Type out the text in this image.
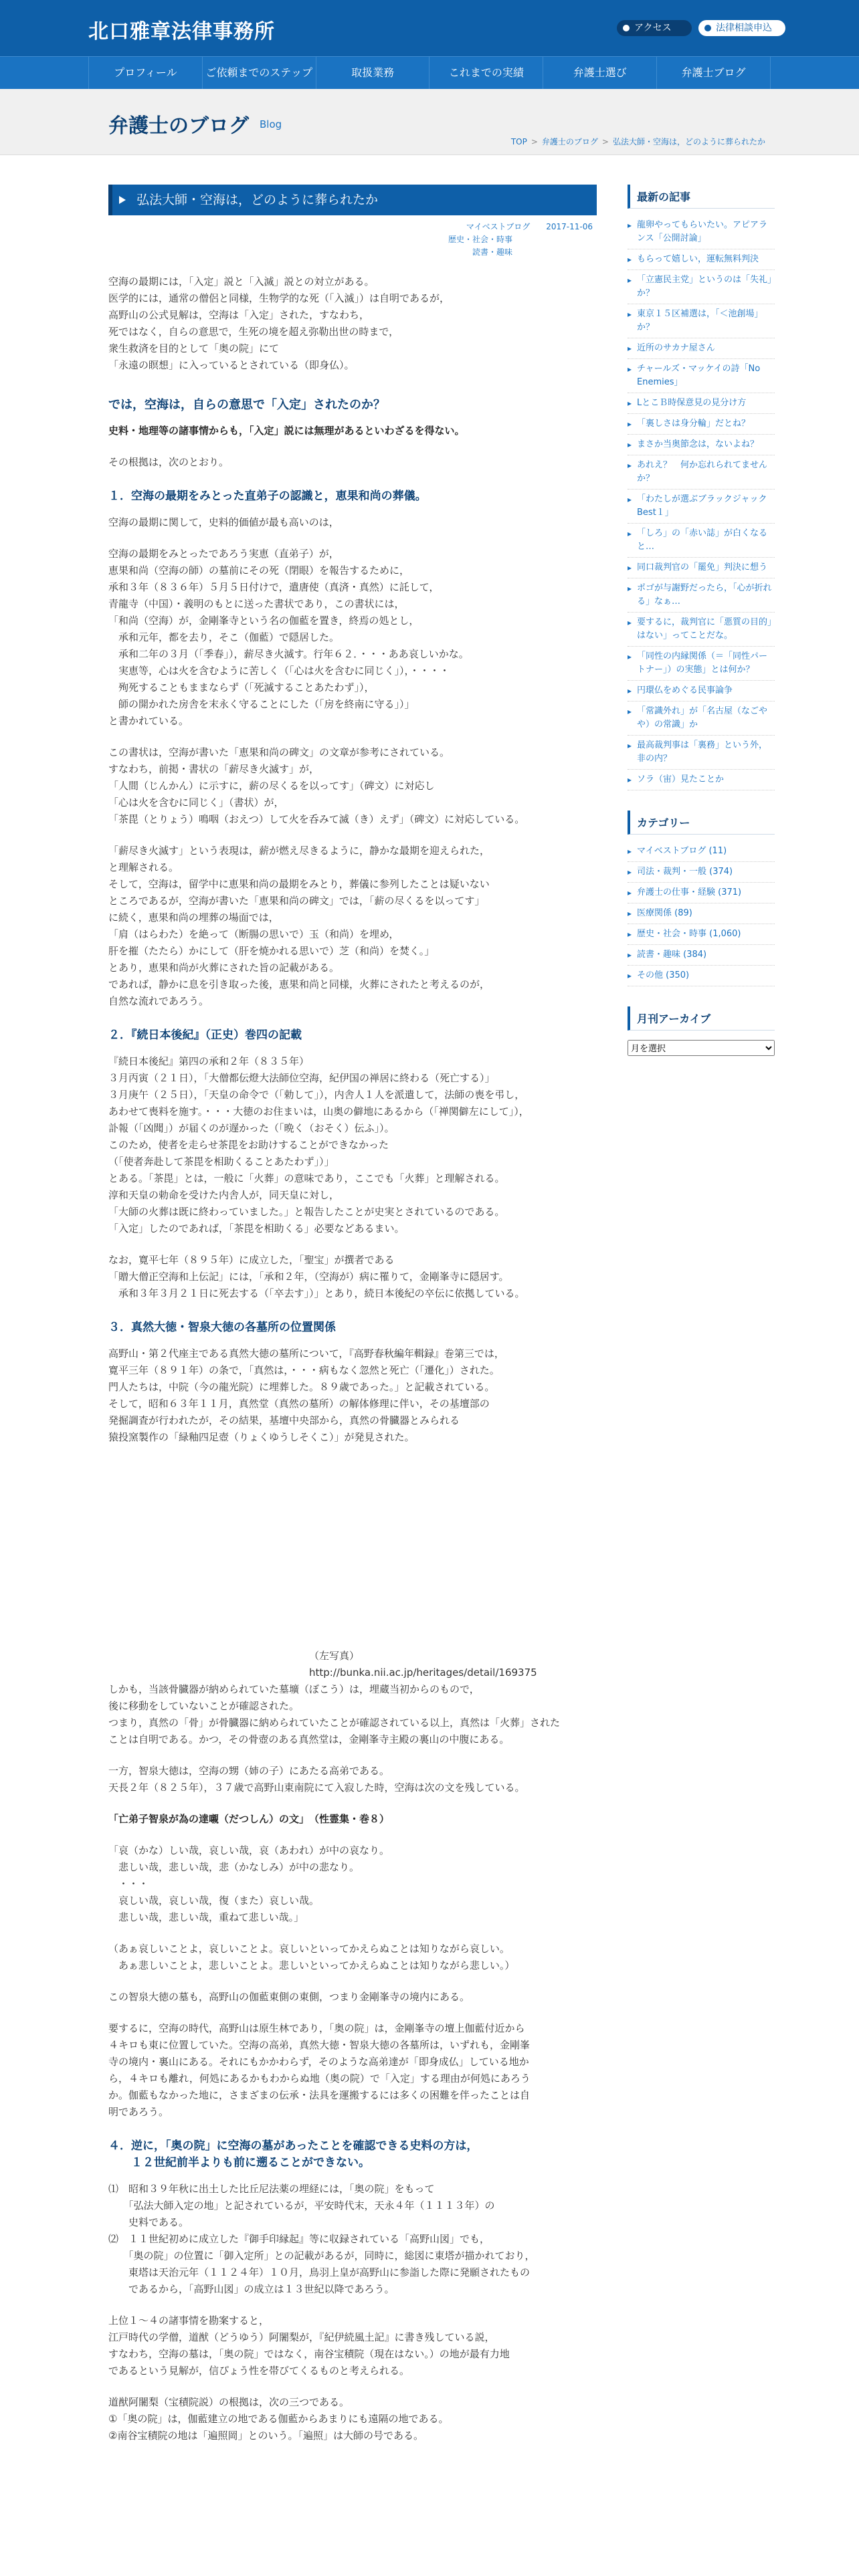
北口雅章法律事務所	アクセス	法律相談申込
プロフィール	ご依頼までのステップ	取扱業務	これまでの実績	弁護士選び	弁護士ブログ
弁護士のブログ Blog
TOP > 弁護士のブログ > 弘法大師・空海は，どのように葬られたか
弘法大師・空海は，どのように葬られたか
マイベストブログ　　2017-11-06
歴史・社会・時事
読書・趣味

空海の最期には，「入定」説と「入滅」説との対立がある。
医学的には，通常の僧侶と同様，生物学的な死（「入滅」）は自明であるが，
高野山の公式見解は，空海は「入定」された，すなわち，
死ではなく，自らの意思で，生死の境を超え弥勒出世の時まで，
衆生救済を目的として「奥の院」にて
「永遠の瞑想」に入っているとされている（即身仏）。

では，空海は，自らの意思で「入定」されたのか？

史料・地理等の諸事情からも，「入定」説には無理があるといわざるを得ない。

その根拠は，次のとおり。

１．空海の最期をみとった直弟子の認識と，恵果和尚の葬儀。

空海の最期に関して，史料的価値が最も高いのは，

空海の最期をみとったであろう実恵（直弟子）が，
恵果和尚（空海の師）の墓前にその死（閉眼）を報告するために，
承和３年（８３６年）５月５日付けで，遣唐使（真済・真然）に託して，
青龍寺（中国）・義明のもとに送った書状であり，この書状には，
「和尚（空海）が，金剛峯寺という名の伽藍を置き，終焉の処とし，
　承和元年，都を去り，そこ（伽藍）で隠居した。
　承和二年の３月（「季春」），薪尽き火滅す。行年６２．・・・ああ哀しいかな。
　実恵等，心は火を含むように苦しく（「心は火を含むに同じく」），・・・・
　殉死することもままならず（「死滅することあたわず」），
　師の開かれた房舎を末永く守ることにした（「房を終南に守る」）」
と書かれている。

この書状は，空海が書いた「恵果和尚の碑文」の文章が参考にされている。
すなわち，前掲・書状の「薪尽き火滅す」が，
「人間（じんかん）に示すに，薪の尽くるを以ってす」（碑文）に対応し
「心は火を含むに同じく」（書状）が，
「茶毘（とりょう）鳴咽（おえつ）して火を呑みて滅（き）えず」（碑文）に対応している。

「薪尽き火滅す」という表現は，薪が燃え尽きるように，静かな最期を迎えられた，
と理解される。
そして，空海は，留学中に恵果和尚の最期をみとり，葬儀に参列したことは疑いない
ところであるが，空海が書いた「恵果和尚の碑文」では，「薪の尽くるを以ってす」
に続く，恵果和尚の埋葬の場面では，
「肩（はらわた）を絶って（断腸の思いで）玉（和尚）を埋め，
肝を摧（たたら）かにして（肝を焼かれる思いで）芝（和尚）を焚く。」
とあり，恵果和尚が火葬にされた旨の記載がある。
であれば，静かに息を引き取った後，恵果和尚と同様，火葬にされたと考えるのが，
自然な流れであろう。

２．『続日本後紀』（正史）巻四の記載

『続日本後紀』第四の承和２年（８３５年）
３月丙寅（２１日），「大僧都伝燈大法師位空海，紀伊国の禅居に終わる（死亡する）」
３月庚午（２５日），「天皇の命令で（「勅して」），内舎人１人を派遣して，法師の喪を弔し，
あわせて喪料を施す。・・・大徳のお住まいは，山奥の僻地にあるから（「禅関僻左にして」），
訃報（「凶聞」）が届くのが遅かった（「晩く（おそく）伝ふ」）。
このため，使者を走らせ茶毘をお助けすることができなかった
（「使者奔赴して茶毘を相助くることあたわず」）」
とある。「茶毘」とは，一般に「火葬」の意味であり，ここでも「火葬」と理解される。
淳和天皇の勅命を受けた内舎人が，同天皇に対し，
「大師の火葬は既に終わっていました。」と報告したことが史実とされているのである。
「入定」したのであれば，「茶毘を相助くる」必要などあるまい。

なお，寛平七年（８９５年）に成立した，「聖宝」が撰者である
「贈大僧正空海和上伝記」には，「承和２年，（空海が）病に罹りて，金剛峯寺に隠居す。
　承和３年３月２１日に死去する（「卒去す」）」とあり，続日本後紀の卒伝に依拠している。

３．真然大徳・智泉大徳の各墓所の位置関係

高野山・第２代座主である真然大徳の墓所について，『高野春秋編年輯録』巻第三では，
寛平三年（８９１年）の条で，「真然は，・・・病もなく忽然と死亡（「遷化」）された。
門人たちは，中院（今の龍光院）に埋葬した。８９歳であった。」と記載されている。
そして，昭和６３年１１月，真然堂（真然の墓所）の解体修理に伴い，その基壇部の
発掘調査が行われたが，その結果，基壇中央部から，真然の骨臓器とみられる
猿投窯製作の「緑釉四足壺（りょくゆうしそくこ）」が発見された。

（左写真）http://bunka.nii.ac.jp/heritages/detail/169375

しかも，当該骨臓器が納められていた墓壙（ぼこう）は，埋蔵当初からのもので，
後に移動をしていないことが確認された。
つまり，真然の「骨」が骨臓器に納められていたことが確認されている以上，真然は「火葬」された
ことは自明である。かつ，その骨壺のある真然堂は，金剛峯寺主殿の裏山の中腹にある。

一方，智泉大徳は，空海の甥（姉の子）にあたる高弟である。
天長２年（８２５年），３７歳で高野山東南院にて入寂した時，空海は次の文を残している。

「亡弟子智泉が為の達嚫（だつしん）の文」　（性霊集・巻８）

「哀（かな）しい哉，哀しい哉，哀（あわれ）が中の哀なり。
　悲しい哉，悲しい哉，悲（かなしみ）が中の悲なり。
　・・・
　哀しい哉，哀しい哉，復（また）哀しい哉。
　悲しい哉，悲しい哉，重ねて悲しい哉。」

（あぁ哀しいことよ，哀しいことよ。哀しいといってかえらぬことは知りながら哀しい。
　あぁ悲しいことよ，悲しいことよ。悲しいといってかえらぬことは知りながら悲しい。）

この智泉大徳の墓も，高野山の伽藍東側の東側，つまり金剛峯寺の境内にある。

要するに，空海の時代，高野山は原生林であり，「奥の院」は，金剛峯寺の壇上伽藍付近から
４キロも東に位置していた。空海の高弟，真然大徳・智泉大徳の各墓所は，いずれも，金剛峯
寺の境内・裏山にある。それにもかかわらず，そのような高弟達が「即身成仏」している地か
ら，４キロも離れ，何処にあるかもわからぬ地（奥の院）で「入定」する理由が何処にあろう
か。伽藍もなかった地に，さまざまの伝承・法具を運搬するには多くの困難を伴ったことは自
明であろう。

４．逆に，「奥の院」に空海の墓があったことを確認できる史料の方は，
　　１２世紀前半よりも前に遡ることができない。

⑴　昭和３９年秋に出土した比丘尼法薬の埋経には，「奥の院」をもって
　　「弘法大師入定の地」と記されているが，平安時代末，天永４年（１１１３年）の
　　史料である。
⑵　１１世紀初めに成立した『御手印縁起』等に収録されている「高野山図」でも，
　　「奥の院」の位置に「御入定所」との記載があるが，同時に，総図に東塔が描かれており，
　　東塔は天治元年（１１２４年）１０月，鳥羽上皇が高野山に参詣した際に発願されたもの
　　であるから，「高野山図」の成立は１３世紀以降であろう。

上位１～４の諸事情を勘案すると，
江戸時代の学僧，道猷（どうゆう）阿闍梨が，『紀伊続風土記』に書き残している説，
すなわち，空海の墓は，「奥の院」ではなく，南谷宝積院（現在はない。）の地が最有力地
であるという見解が，信ぴょう性を帯びてくるものと考えられる。

道猷阿闍梨（宝積院説）の根拠は，次の三つである。
①「奥の院」は，伽藍建立の地である伽藍からあまりにも遠隔の地である。
②南谷宝積院の地は「遍照岡」とのいう。「遍照」は大師の号である。

最新の記事
▸ 龍卵やってもらいたい。アピアランス「公開討論」
▸ もらって嬉しい，運転無料判決
▸ 「立憲民主党」というのは「失礼」か？
▸ 東京１５区補選は，「＜池創場」か？
▸ 近所のサカナ屋さん
▸ チャールズ・マッケイの詩「No Enemies」
▸ LとこＢ時保意見の見分け方
▸ 「裏しさは身分輪」だとね？
▸ まさか当奥節念は，ないよね？
▸ あれえ？　何か忘れられてませんか？
▸ 「わたしが選ぶブラックジャック Best１」
▸ 「しろ」の「赤い誌」が白くなると…
▸ 同口裁判官の「罷免」判決に想う
▸ ポゴが与謝野だったら，「心が折れる」なぁ…
▸ 要するに，裁判官に「悪質の目的」はない」ってことだな。
▸ 「同性の内縁関係（＝「同性パートナー」）の実態」とは何か？
▸ 円環仏をめぐる民事論争
▸ 「常識外れ」が「名古屋（なごやや）の常識」か
▸ 最高裁判事は「裏務」という外，非の内？
▸ ソラ（宙）見たことか
カテゴリー
▸ マイベストブログ (11)
▸ 司法・裁判・一般 (374)
▸ 弁護士の仕事・経験 (371)
▸ 医療関係 (89)
▸ 歴史・社会・時事 (1,060)
▸ 読書・趣味 (384)
▸ その他 (350)
月刊アーカイブ
月を選択
